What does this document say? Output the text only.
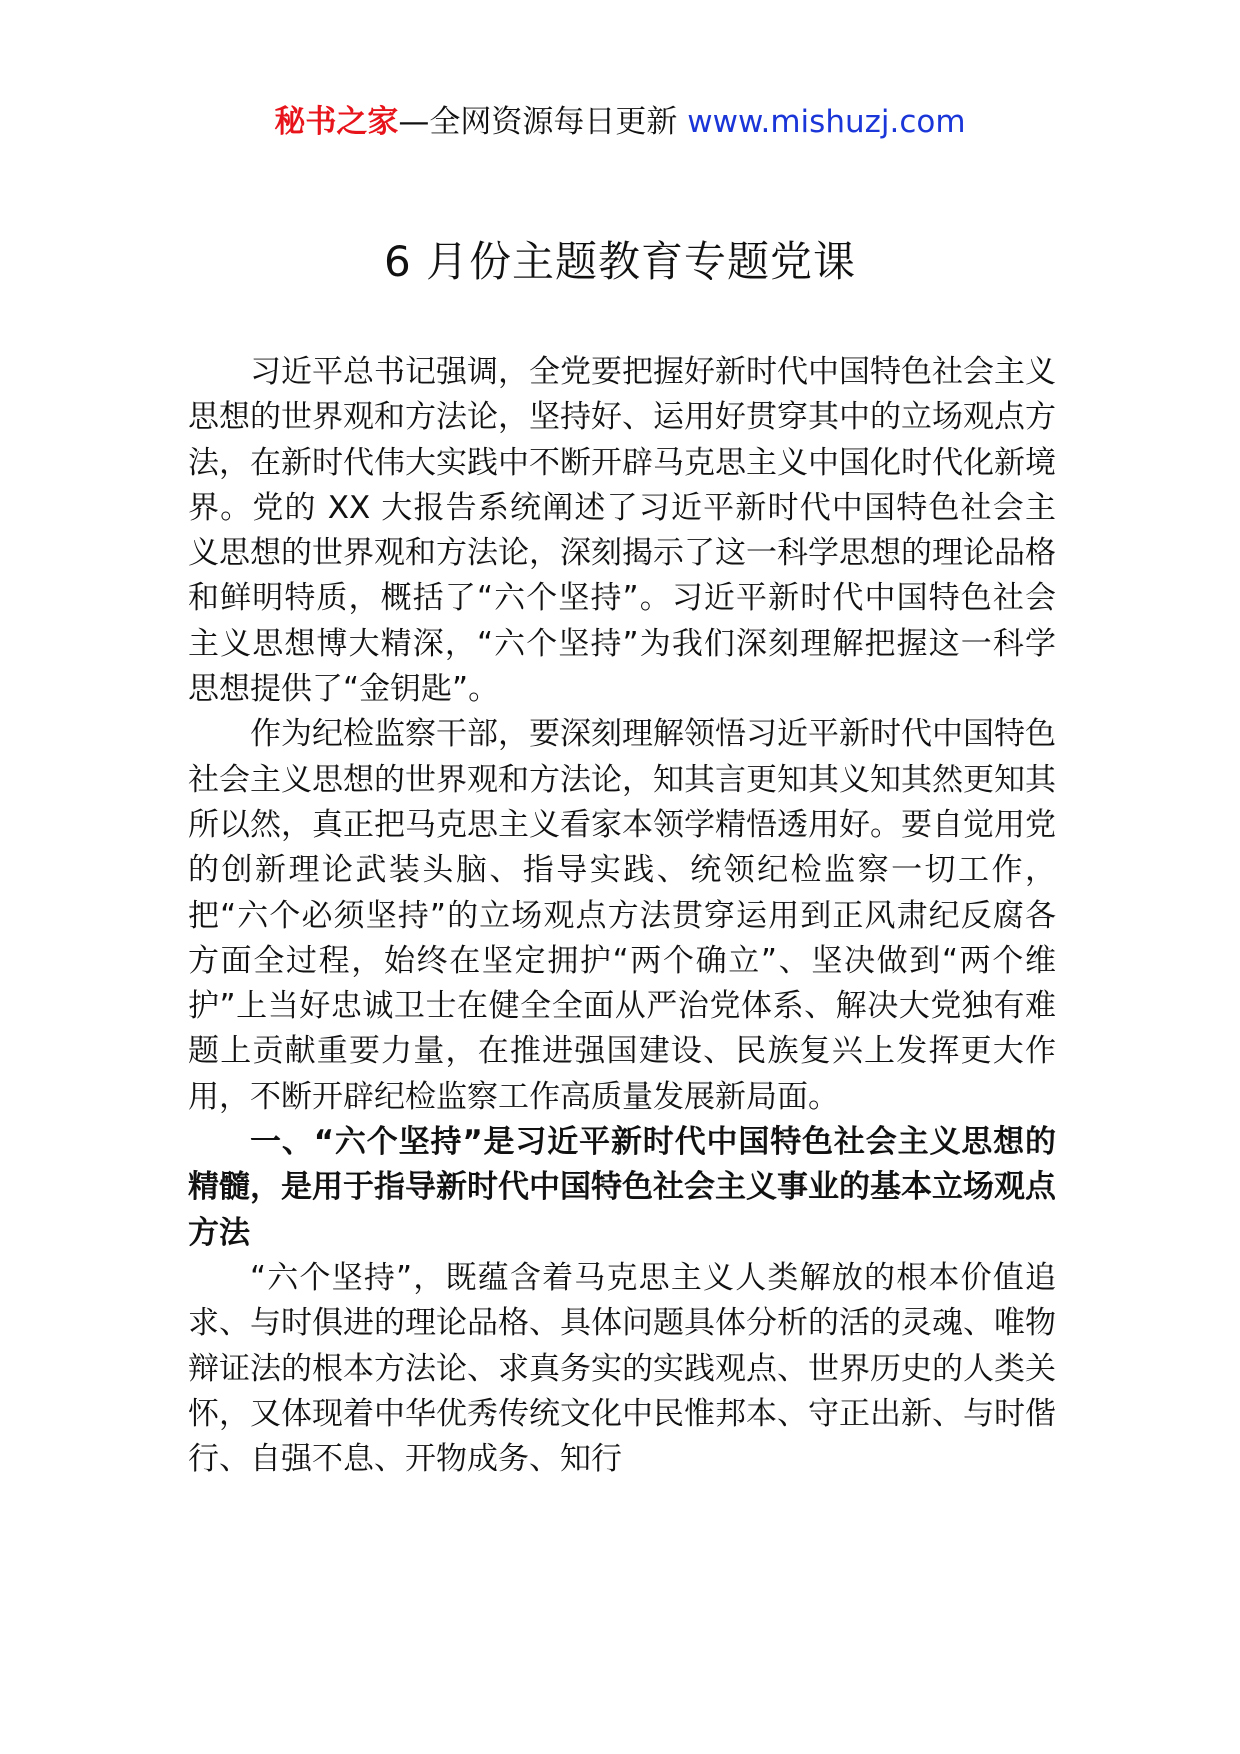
秘书之家—全网资源每日更新 www.mishuzj.com
6 月份主题教育专题党课

习近平总书记强调，全党要把握好新时代中国特色社会主义思想的世界观和方法论，坚持好、运用好贯穿其中的立场观点方法，在新时代伟大实践中不断开辟马克思主义中国化时代化新境界。党的 XX 大报告系统阐述了习近平新时代中国特色社会主义思想的世界观和方法论，深刻揭示了这一科学思想的理论品格和鲜明特质，概括了“六个坚持”。习近平新时代中国特色社会主义思想博大精深，“六个坚持”为我们深刻理解把握这一科学思想提供了“金钥匙”。

作为纪检监察干部，要深刻理解领悟习近平新时代中国特色社会主义思想的世界观和方法论，知其言更知其义知其然更知其所以然，真正把马克思主义看家本领学精悟透用好。要自觉用党的创新理论武装头脑、指导实践、统领纪检监察一切工作，把“六个必须坚持”的立场观点方法贯穿运用到正风肃纪反腐各方面全过程，始终在坚定拥护“两个确立”、坚决做到“两个维护”上当好忠诚卫士在健全全面从严治党体系、解决大党独有难题上贡献重要力量，在推进强国建设、民族复兴上发挥更大作用，不断开辟纪检监察工作高质量发展新局面。

一、“六个坚持”是习近平新时代中国特色社会主义思想的精髓，是用于指导新时代中国特色社会主义事业的基本立场观点方法

“六个坚持”，既蕴含着马克思主义人类解放的根本价值追求、与时俱进的理论品格、具体问题具体分析的活的灵魂、唯物辩证法的根本方法论、求真务实的实践观点、世界历史的人类关怀，又体现着中华优秀传统文化中民惟邦本、守正出新、与时偕行、自强不息、开物成务、知行
